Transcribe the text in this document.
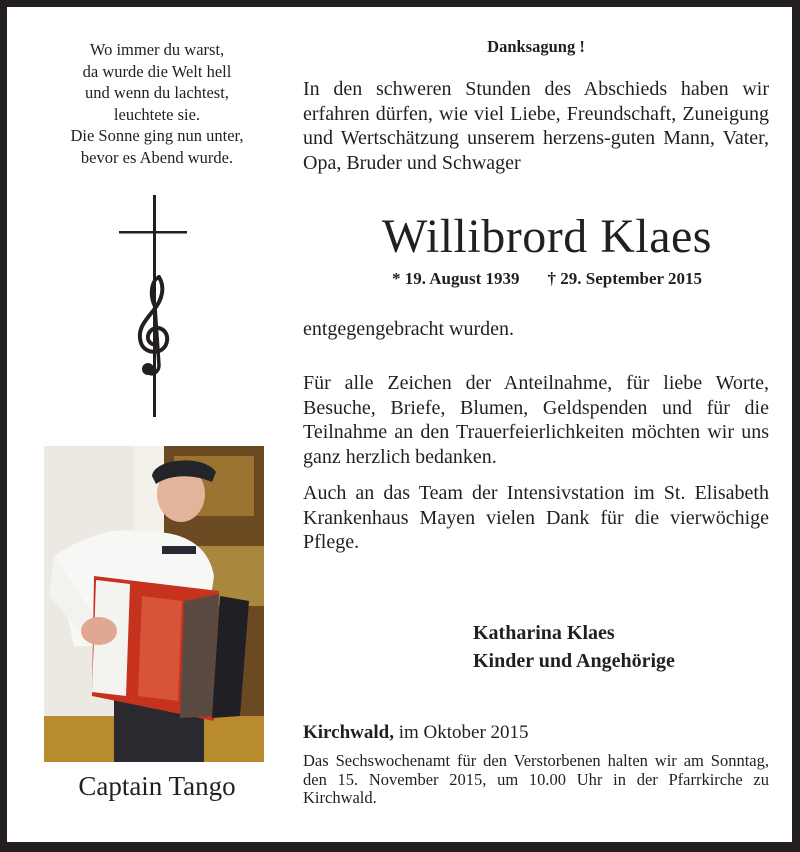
Wo immer du warst,
da wurde die Welt hell
und wenn du lachtest,
leuchtete sie.
Die Sonne ging nun unter,
bevor es Abend wurde.
Captain Tango
Danksagung !
In den schweren Stunden des Abschieds haben wir erfahren dürfen, wie viel Liebe, Freundschaft, Zuneigung und Wertschätzung unserem herzens-guten Mann, Vater, Opa, Bruder und Schwager
Willibrord Klaes
* 19. August 1939 † 29. September 2015
entgegengebracht wurden.
Für alle Zeichen der Anteilnahme, für liebe Worte, Besuche, Briefe, Blumen, Geldspenden und für die Teilnahme an den Trauerfeierlichkeiten möchten wir uns ganz herzlich bedanken.
Auch an das Team der Intensivstation im St. Elisabeth Krankenhaus Mayen vielen Dank für die vierwöchige Pflege.
Katharina Klaes
Kinder und Angehörige
Kirchwald, im Oktober 2015
Das Sechswochenamt für den Verstorbenen halten wir am Sonntag, den 15. November 2015, um 10.00 Uhr in der Pfarrkirche zu Kirchwald.
